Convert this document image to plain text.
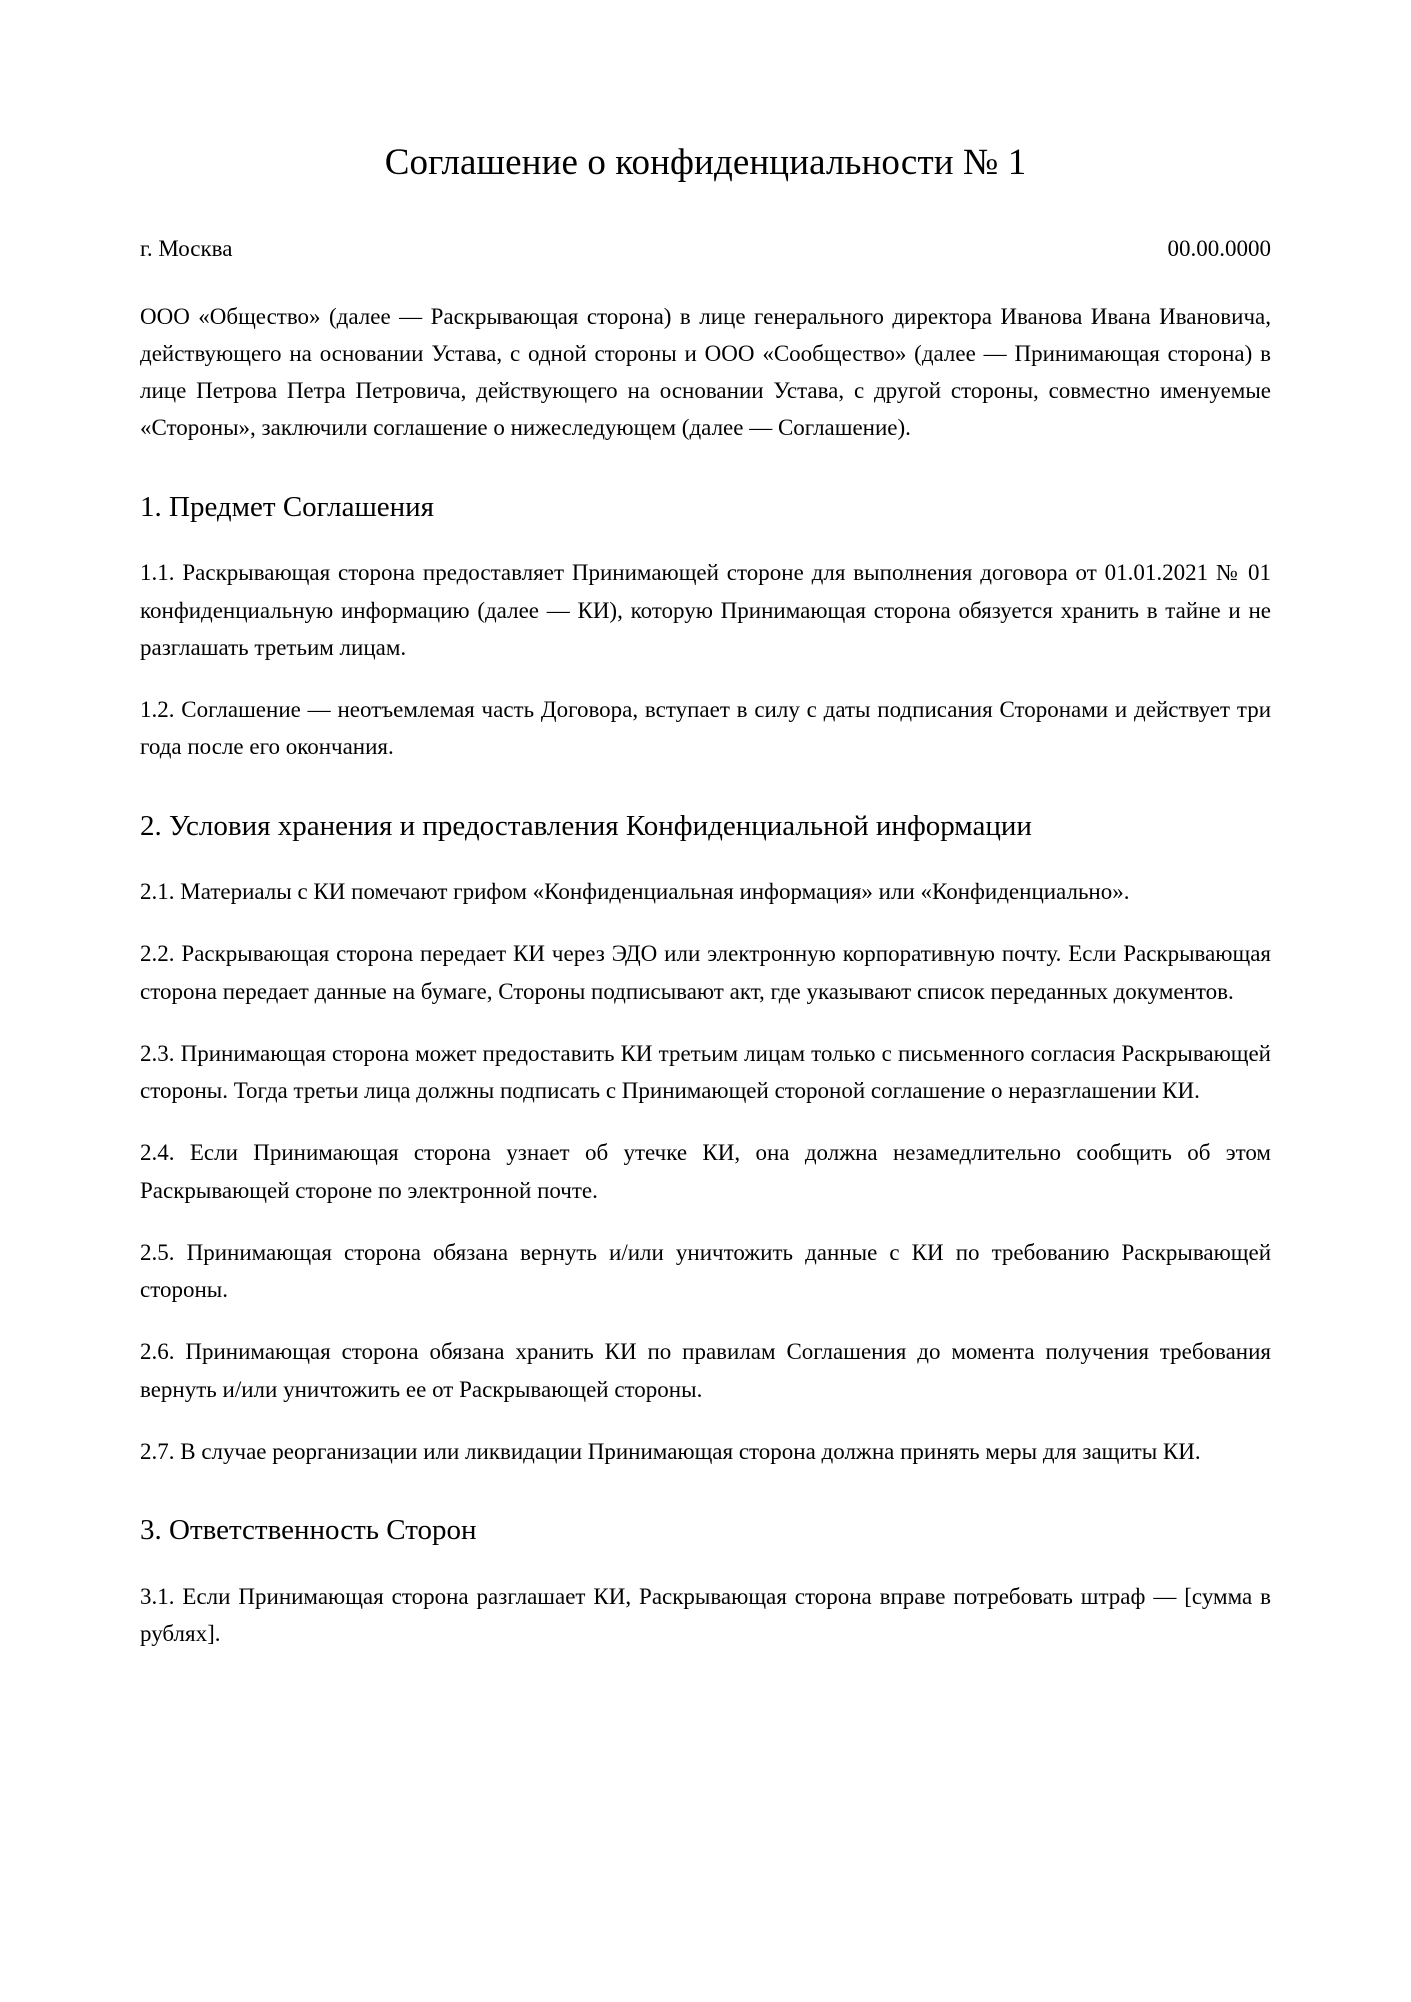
Соглашение о конфиденциальности № 1
г. Москва	00.00.0000

ООО «Общество» (далее — Раскрывающая сторона) в лице генерального директора Иванова Ивана Ивановича, действующего на основании Устава, с одной стороны и ООО «Сообщество» (далее — Принимающая сторона) в лице Петрова Петра Петровича, действующего на основании Устава, с другой стороны, совместно именуемые «Стороны», заключили соглашение о нижеследующем (далее — Соглашение).

1. Предмет Соглашения

1.1. Раскрывающая сторона предоставляет Принимающей стороне для выполнения договора от 01.01.2021 № 01 конфиденциальную информацию (далее — КИ), которую Принимающая сторона обязуется хранить в тайне и не разглашать третьим лицам.

1.2. Соглашение — неотъемлемая часть Договора, вступает в силу с даты подписания Сторонами и действует три года после его окончания.

2. Условия хранения и предоставления Конфиденциальной информации

2.1. Материалы с КИ помечают грифом «Конфиденциальная информация» или «Конфиденциально».

2.2. Раскрывающая сторона передает КИ через ЭДО или электронную корпоративную почту. Если Раскрывающая сторона передает данные на бумаге, Стороны подписывают акт, где указывают список переданных документов.

2.3. Принимающая сторона может предоставить КИ третьим лицам только с письменного согласия Раскрывающей стороны. Тогда третьи лица должны подписать с Принимающей стороной соглашение о неразглашении КИ.

2.4. Если Принимающая сторона узнает об утечке КИ, она должна незамедлительно сообщить об этом Раскрывающей стороне по электронной почте.

2.5. Принимающая сторона обязана вернуть и/или уничтожить данные с КИ по требованию Раскрывающей стороны.

2.6. Принимающая сторона обязана хранить КИ по правилам Соглашения до момента получения требования вернуть и/или уничтожить ее от Раскрывающей стороны.

2.7. В случае реорганизации или ликвидации Принимающая сторона должна принять меры для защиты КИ.

3. Ответственность Сторон

3.1. Если Принимающая сторона разглашает КИ, Раскрывающая сторона вправе потребовать штраф — [сумма в рублях].
